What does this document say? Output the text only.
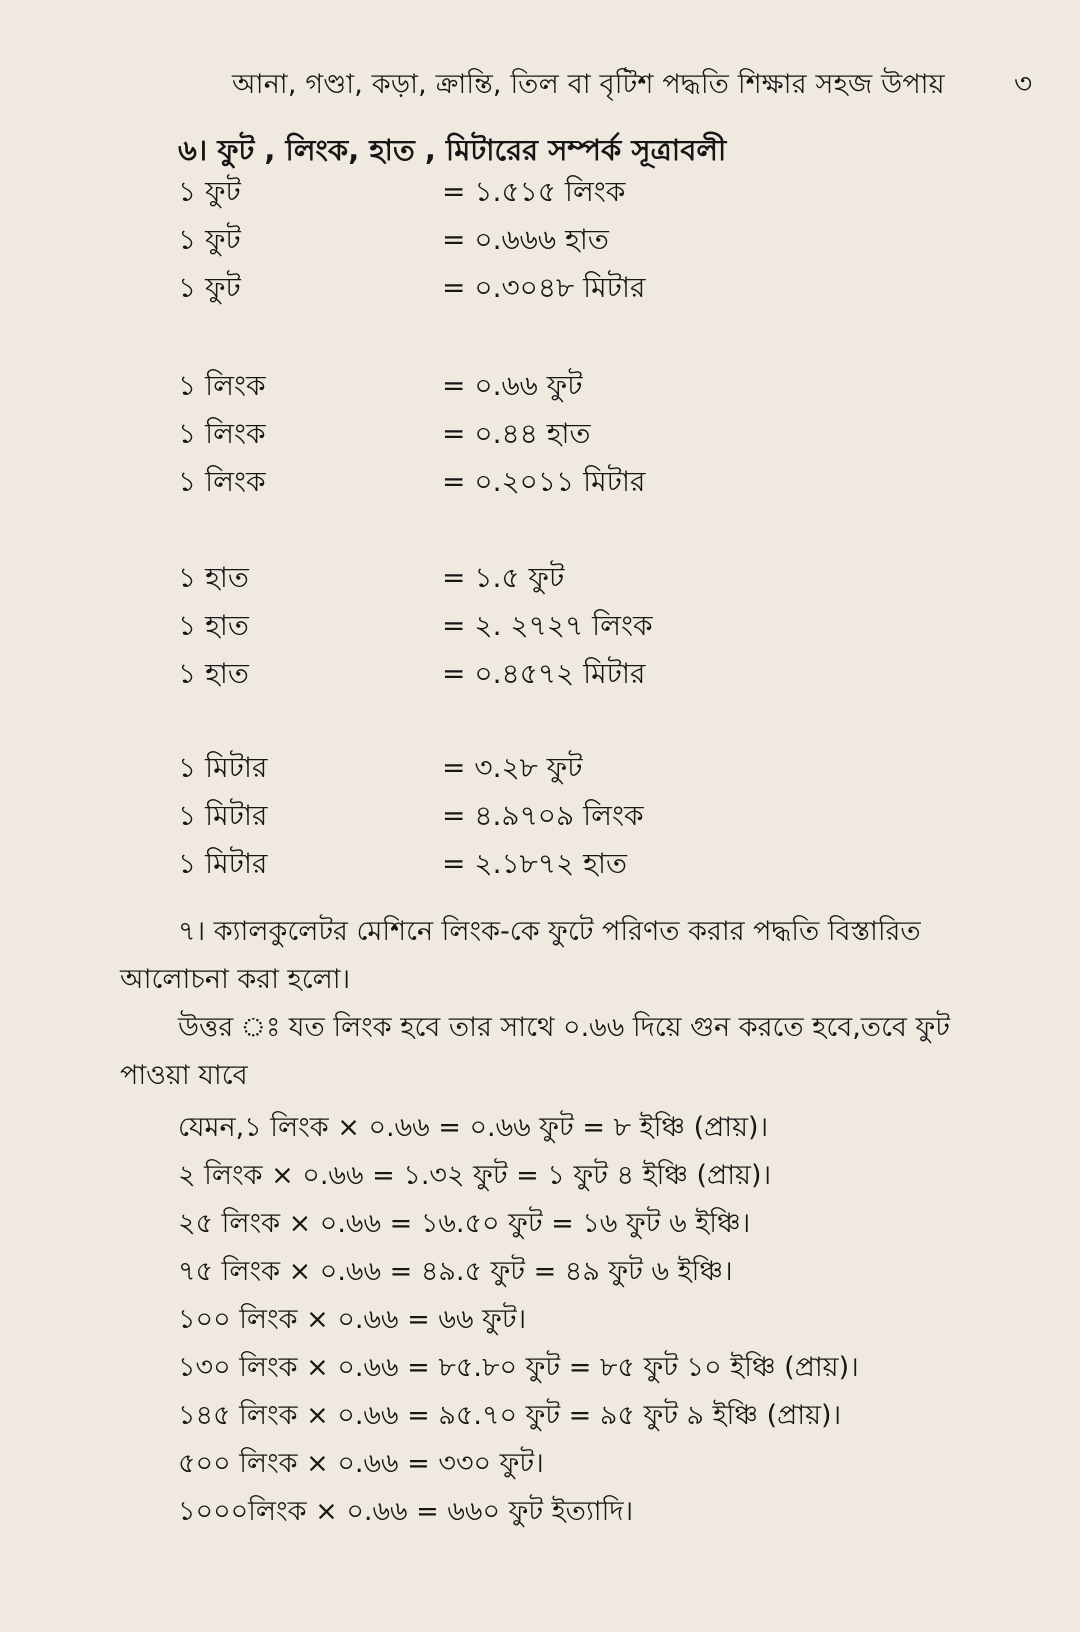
আনা, গণ্ডা, কড়া, ক্রান্তি, তিল বা বৃটিশ পদ্ধতি শিক্ষার সহজ উপায় ৩
৬। ফুট , লিংক, হাত , মিটারের সম্পর্ক সূত্রাবলী
১ ফুট	= ১.৫১৫ লিংক
১ ফুট	= ০.৬৬৬ হাত
১ ফুট	= ০.৩০৪৮ মিটার
১ লিংক	= ০.৬৬ ফুট
১ লিংক	= ০.৪৪ হাত
১ লিংক	= ০.২০১১ মিটার
১ হাত	= ১.৫ ফুট
১ হাত	= ২. ২৭২৭ লিংক
১ হাত	= ০.৪৫৭২ মিটার
১ মিটার	= ৩.২৮ ফুট
১ মিটার	= ৪.৯৭০৯ লিংক
১ মিটার	= ২.১৮৭২ হাত
৭। ক্যালকুলেটর মেশিনে লিংক-কে ফুটে পরিণত করার পদ্ধতি বিস্তারিত
আলোচনা করা হলো।
উত্তর ঃ যত লিংক হবে তার সাথে ০.৬৬ দিয়ে গুন করতে হবে,তবে ফুট
পাওয়া যাবে
যেমন,১ লিংক × ০.৬৬ = ০.৬৬ ফুট = ৮ ইঞ্চি (প্রায়)।
২ লিংক × ০.৬৬ = ১.৩২ ফুট = ১ ফুট ৪ ইঞ্চি (প্রায়)।
২৫ লিংক × ০.৬৬ = ১৬.৫০ ফুট = ১৬ ফুট ৬ ইঞ্চি।
৭৫ লিংক × ০.৬৬ = ৪৯.৫ ফুট = ৪৯ ফুট ৬ ইঞ্চি।
১০০ লিংক × ০.৬৬ = ৬৬ ফুট।
১৩০ লিংক × ০.৬৬ = ৮৫.৮০ ফুট = ৮৫ ফুট ১০ ইঞ্চি (প্রায়)।
১৪৫ লিংক × ০.৬৬ = ৯৫.৭০ ফুট = ৯৫ ফুট ৯ ইঞ্চি (প্রায়)।
৫০০ লিংক × ০.৬৬ = ৩৩০ ফুট।
১০০০লিংক × ০.৬৬ = ৬৬০ ফুট ইত্যাদি।
